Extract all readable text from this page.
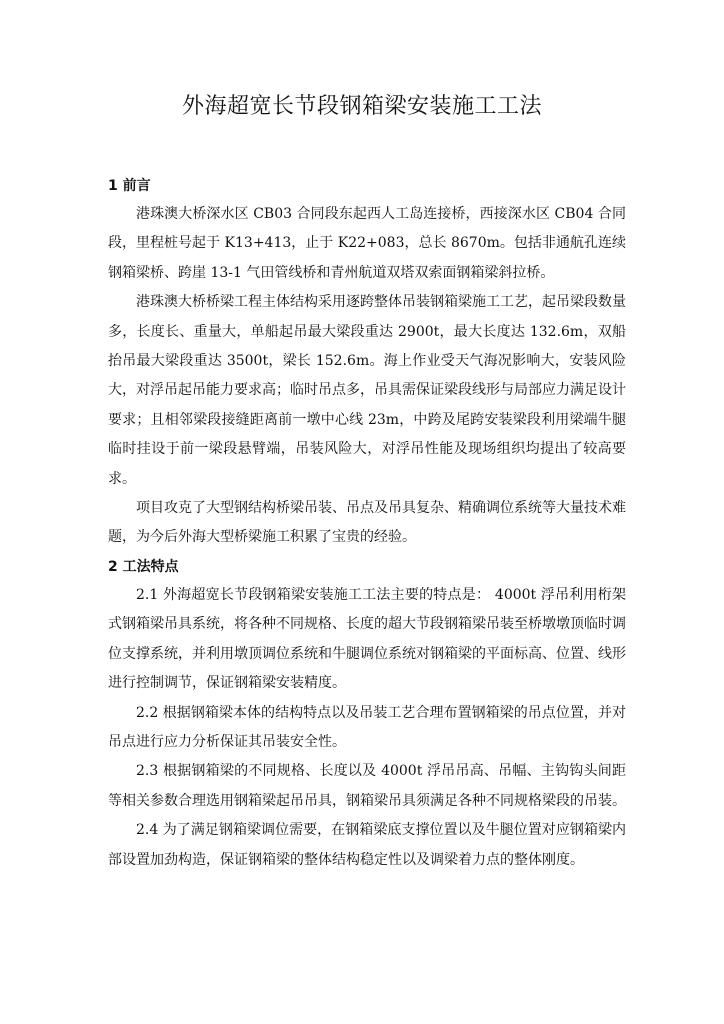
外海超宽长节段钢箱梁安装施工工法

1 前言

港珠澳大桥深水区 CB03 合同段东起西人工岛连接桥，西接深水区 CB04 合同段，里程桩号起于 K13+413，止于 K22+083，总长 8670m。包括非通航孔连续钢箱梁桥、跨崖 13-1 气田管线桥和青州航道双塔双索面钢箱梁斜拉桥。

港珠澳大桥桥梁工程主体结构采用逐跨整体吊装钢箱梁施工工艺，起吊梁段数量多，长度长、重量大，单船起吊最大梁段重达 2900t，最大长度达 132.6m，双船抬吊最大梁段重达 3500t，梁长 152.6m。海上作业受天气海况影响大，安装风险大，对浮吊起吊能力要求高；临时吊点多，吊具需保证梁段线形与局部应力满足设计要求；且相邻梁段接缝距离前一墩中心线 23m，中跨及尾跨安装梁段利用梁端牛腿临时挂设于前一梁段悬臂端，吊装风险大，对浮吊性能及现场组织均提出了较高要求。

项目攻克了大型钢结构桥梁吊装、吊点及吊具复杂、精确调位系统等大量技术难题，为今后外海大型桥梁施工积累了宝贵的经验。

2 工法特点

2.1 外海超宽长节段钢箱梁安装施工工法主要的特点是： 4000t 浮吊利用桁架式钢箱梁吊具系统，将各种不同规格、长度的超大节段钢箱梁吊装至桥墩墩顶临时调位支撑系统，并利用墩顶调位系统和牛腿调位系统对钢箱梁的平面标高、位置、线形进行控制调节，保证钢箱梁安装精度。

2.2 根据钢箱梁本体的结构特点以及吊装工艺合理布置钢箱梁的吊点位置，并对吊点进行应力分析保证其吊装安全性。

2.3 根据钢箱梁的不同规格、长度以及 4000t 浮吊吊高、吊幅、主钩钩头间距等相关参数合理选用钢箱梁起吊吊具，钢箱梁吊具须满足各种不同规格梁段的吊装。

2.4 为了满足钢箱梁调位需要，在钢箱梁底支撑位置以及牛腿位置对应钢箱梁内部设置加劲构造，保证钢箱梁的整体结构稳定性以及调梁着力点的整体刚度。
